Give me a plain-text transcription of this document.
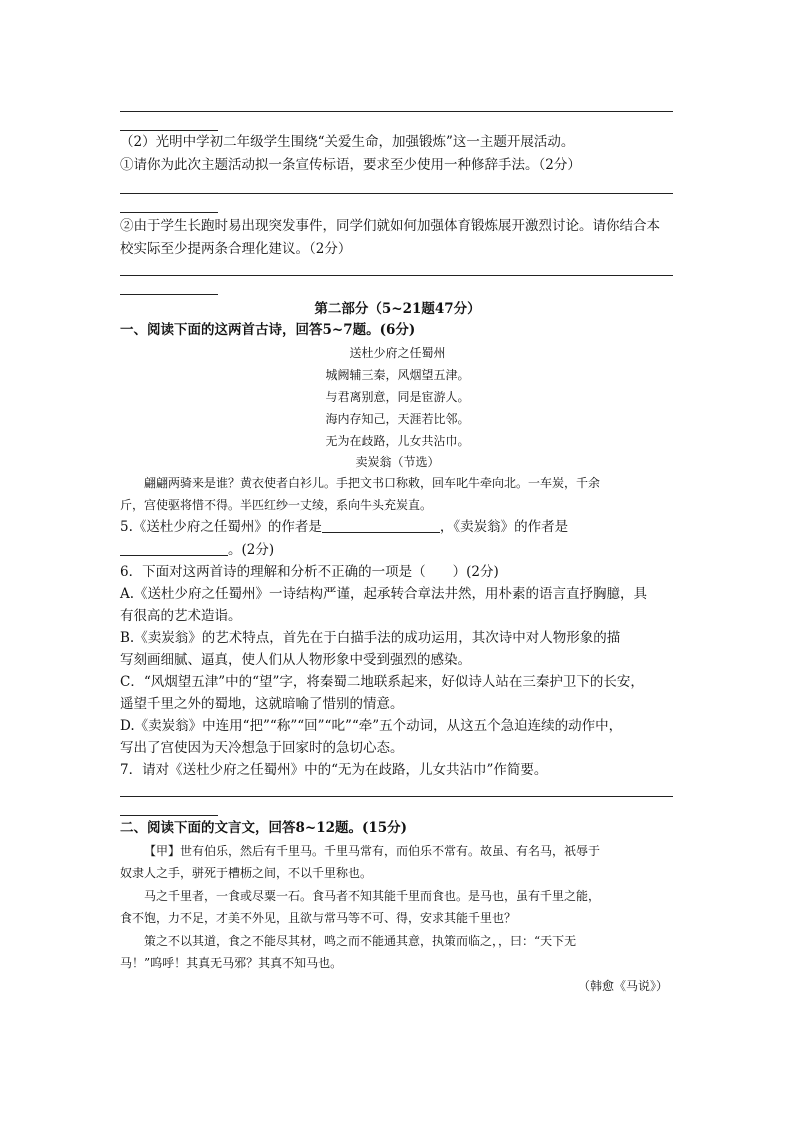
（2）光明中学初二年级学生围绕“关爱生命，加强锻炼”这一主题开展活动。
①请你为此次主题活动拟一条宣传标语，要求至少使用一种修辞手法。（2分）
②由于学生长跑时易出现突发事件，同学们就如何加强体育锻炼展开激烈讨论。请你结合本
校实际至少提两条合理化建议。（2分）
第二部分（5~21题47分）
一、阅读下面的这两首古诗，回答5~7题。(6分)
送杜少府之任蜀州
城阙辅三秦，风烟望五津。
与君离别意，同是宦游人。
海内存知己，天涯若比邻。
无为在歧路，儿女共沾巾。
卖炭翁（节选）
翩翩两骑来是谁？黄衣使者白衫儿。手把文书口称敕，回车叱牛牵向北。一车炭，千余
斤，宫使驱将惜不得。半匹红纱一丈绫，系向牛头充炭直。
5.《送杜少府之任蜀州》的作者是	，《卖炭翁》的作者是
。(2分)
6．下面对这两首诗的理解和分析不正确的一项是（　　）(2分)
A.《送杜少府之任蜀州》一诗结构严谨，起承转合章法井然，用朴素的语言直抒胸臆，具
有很高的艺术造诣。
B.《卖炭翁》的艺术特点，首先在于白描手法的成功运用，其次诗中对人物形象的描
写刻画细腻、逼真，使人们从人物形象中受到强烈的感染。
C．“风烟望五津”中的“望”字，将秦蜀二地联系起来，好似诗人站在三秦护卫下的长安，
遥望千里之外的蜀地，这就暗喻了惜别的情意。
D.《卖炭翁》中连用“把”“称”“回”“叱”“牵”五个动词，从这五个急迫连续的动作中，
写出了宫使因为天冷想急于回家时的急切心态。
7．请对《送杜少府之任蜀州》中的“无为在歧路，儿女共沾巾”作简要。
二、阅读下面的文言文，回答8~12题。(15分)
【甲】世有伯乐，然后有千里马。千里马常有，而伯乐不常有。故虽、有名马，祇辱于
奴隶人之手，骈死于槽枥之间，不以千里称也。
马之千里者，一食或尽粟一石。食马者不知其能千里而食也。是马也，虽有千里之能，
食不饱，力不足，才美不外见，且欲与常马等不可、得，安求其能千里也？
策之不以其道，食之不能尽其材，鸣之而不能通其意，执策而临之，，曰：“天下无
马！”呜呼！其真无马邪？其真不知马也。
（韩愈《马说》）
